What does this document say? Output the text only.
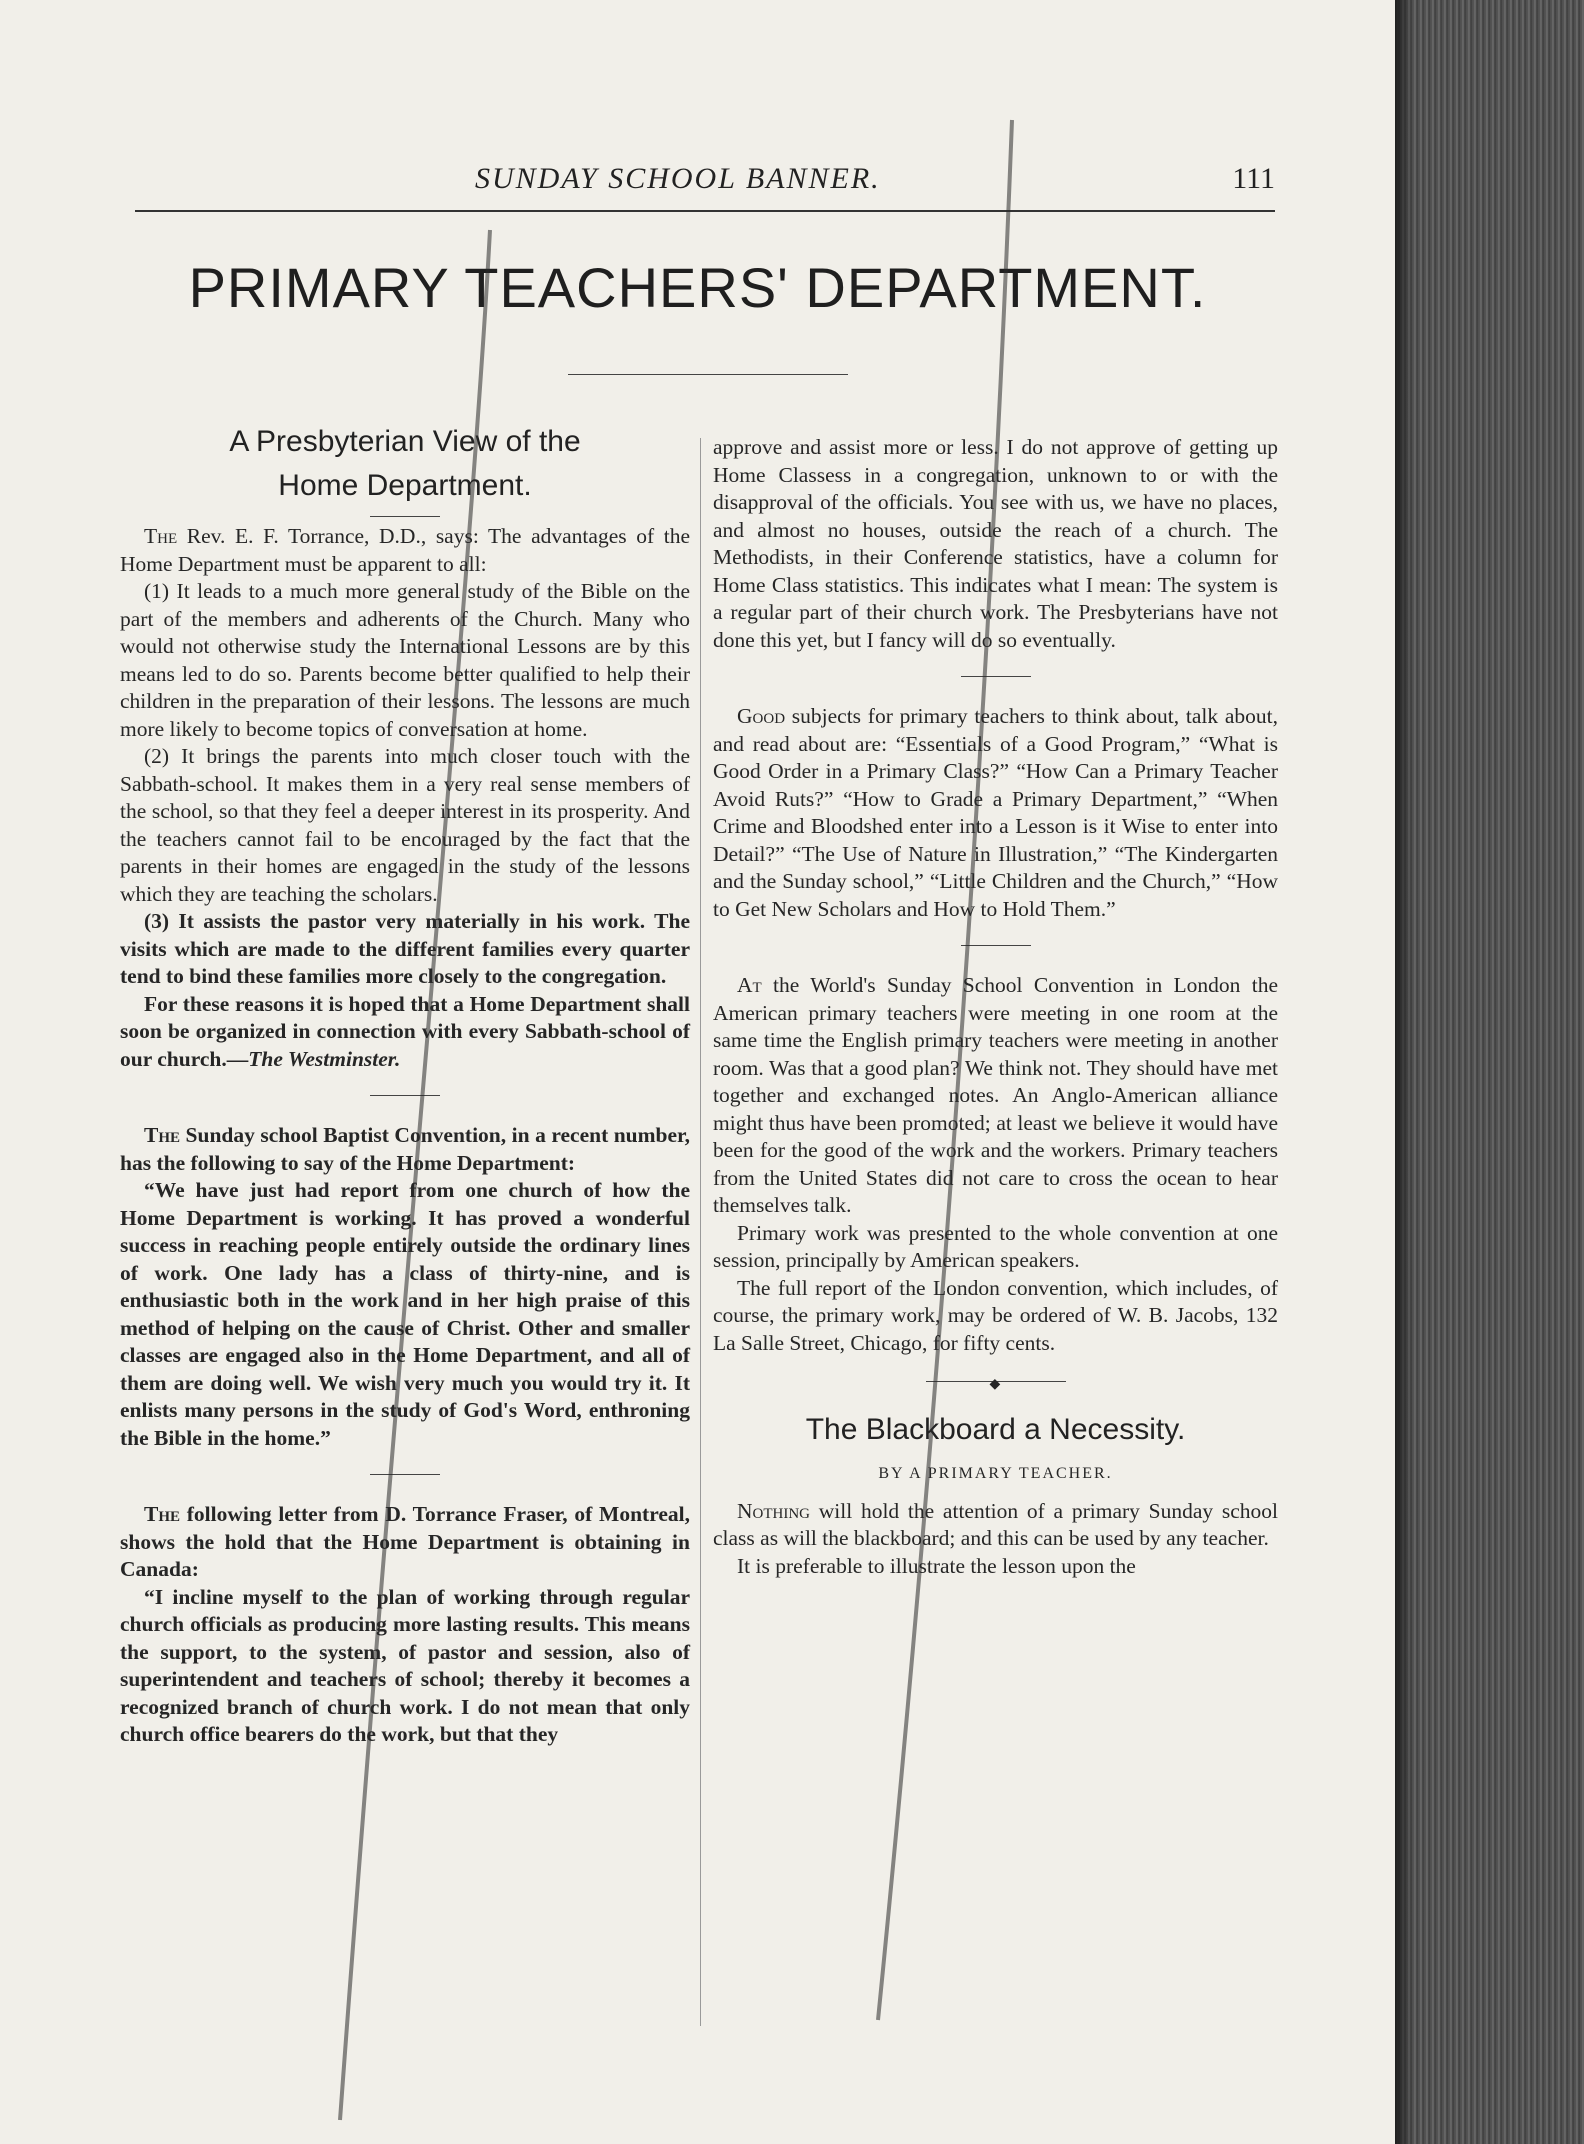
SUNDAY SCHOOL BANNER.	111
PRIMARY TEACHERS' DEPARTMENT.
A Presbyterian View of the
Home Department.

The Rev. E. F. Torrance, D.D., says: The advantages of the Home Department must be apparent to all:

(1) It leads to a much more general study of the Bible on the part of the members and adherents of the Church. Many who would not otherwise study the International Lessons are by this means led to do so. Parents become better qualified to help their children in the preparation of their lessons. The lessons are much more likely to become topics of conversation at home.

(2) It brings the parents into much closer touch with the Sabbath-school. It makes them in a very real sense members of the school, so that they feel a deeper interest in its prosperity. And the teachers cannot fail to be encouraged by the fact that the parents in their homes are engaged in the study of the lessons which they are teaching the scholars.

(3) It assists the pastor very materially in his work. The visits which are made to the different families every quarter tend to bind these families more closely to the congregation.

For these reasons it is hoped that a Home Department shall soon be organized in connection with every Sabbath-school of our church.—The Westminster.

The Sunday school Baptist Convention, in a recent number, has the following to say of the Home Department:

“We have just had report from one church of how the Home Department is working. It has proved a wonderful success in reaching people entirely outside the ordinary lines of work. One lady has a class of thirty-nine, and is enthusiastic both in the work and in her high praise of this method of helping on the cause of Christ. Other and smaller classes are engaged also in the Home Department, and all of them are doing well. We wish very much you would try it. It enlists many persons in the study of God's Word, enthroning the Bible in the home.”

The following letter from D. Torrance Fraser, of Montreal, shows the hold that the Home Department is obtaining in Canada:

“I incline myself to the plan of working through regular church officials as producing more lasting results. This means the support, to the system, of pastor and session, also of superintendent and teachers of school; thereby it becomes a recognized branch of church work. I do not mean that only church office bearers do the work, but that they

approve and assist more or less. I do not approve of getting up Home Classess in a congregation, unknown to or with the disapproval of the officials. You see with us, we have no places, and almost no houses, outside the reach of a church. The Methodists, in their Conference statistics, have a column for Home Class statistics. This indicates what I mean: The system is a regular part of their church work. The Presbyterians have not done this yet, but I fancy will do so eventually.

Good subjects for primary teachers to think about, talk about, and read about are: “Essentials of a Good Program,” “What is Good Order in a Primary Class?” “How Can a Primary Teacher Avoid Ruts?” “How to Grade a Primary Department,” “When Crime and Bloodshed enter into a Lesson is it Wise to enter into Detail?” “The Use of Nature in Illustration,” “The Kindergarten and the Sunday school,” “Little Children and the Church,” “How to Get New Scholars and How to Hold Them.”

At the World's Sunday School Convention in London the American primary teachers were meeting in one room at the same time the English primary teachers were meeting in another room. Was that a good plan? We think not. They should have met together and exchanged notes. An Anglo-American alliance might thus have been promoted; at least we believe it would have been for the good of the work and the workers. Primary teachers from the United States did not care to cross the ocean to hear themselves talk.

Primary work was presented to the whole convention at one session, principally by American speakers.

The full report of the London convention, which includes, of course, the primary work, may be ordered of W. B. Jacobs, 132 La Salle Street, Chicago, for fifty cents.

◆
The Blackboard a Necessity.
BY A PRIMARY TEACHER.

Nothing will hold the attention of a primary Sunday school class as will the blackboard; and this can be used by any teacher.

It is preferable to illustrate the lesson upon the
